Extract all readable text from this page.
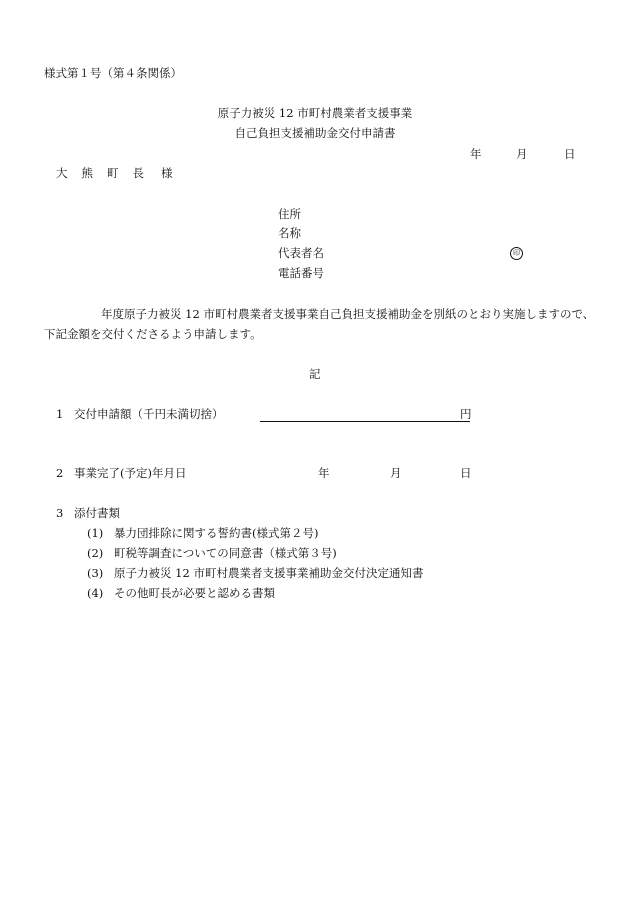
様式第１号（第４条関係）
原子力被災 12 市町村農業者支援事業
自己負担支援補助金交付申請書
年	月	日
大熊町長 様
住所
名称
代表者名	印
電話番号
年度原子力被災 12 市町村農業者支援事業自己負担支援補助金を別紙のとおり実施しますので、
下記金額を交付くださるよう申請します。
記
1 交付申請額（千円未満切捨）	円
2 事業完了(予定)年月日	年	月	日
3 添付書類
(1) 暴力団排除に関する誓約書(様式第２号)
(2) 町税等調査についての同意書（様式第３号)
(3) 原子力被災 12 市町村農業者支援事業補助金交付決定通知書
(4) その他町長が必要と認める書類
